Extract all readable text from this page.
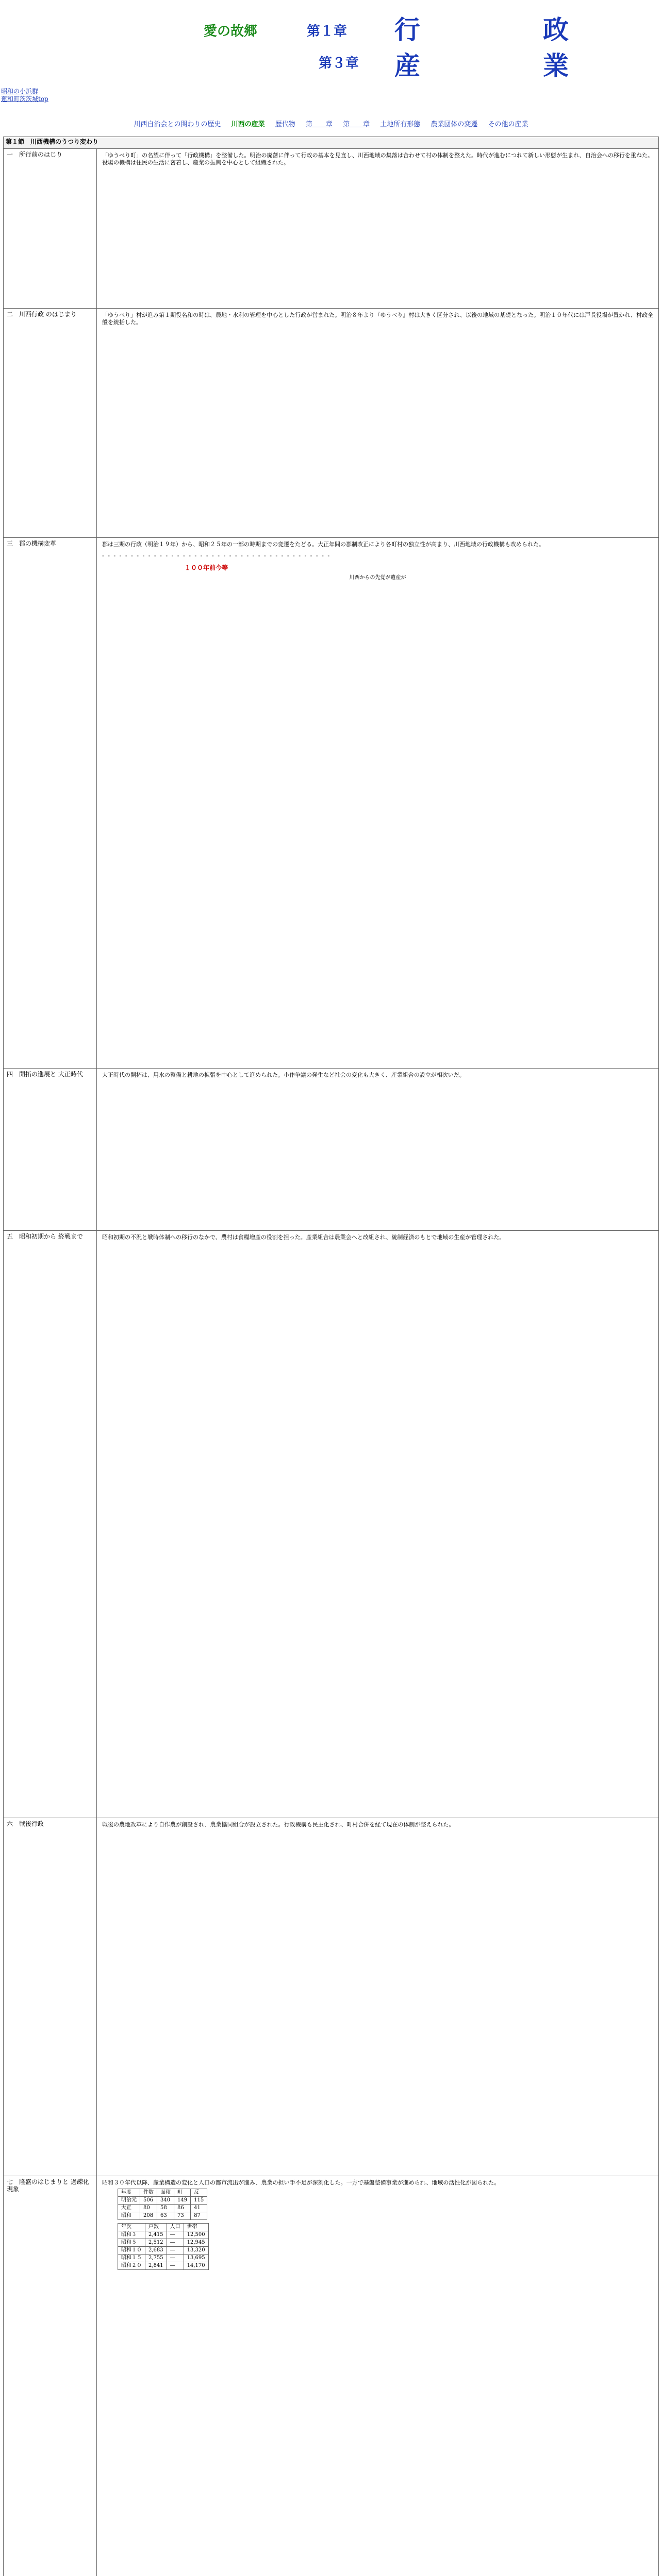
愛の故郷	第１章 行　　政
第３章 産　　業
昭和の小浜群
蓮和町茨茨城top
川西自治会との関わりの歴史 川西の産業 歴代物 第　　章 第　　章 土地所有形態 農業団体の変遷 その他の産業
第１節　川西機構のうつり変わり
一　所行前のはじり	「ゆうべり町」の名望に伴って「行政機構」を整備した。明治の廃藩に伴って行政の基本を見直し、川西地域の集落は合わせて村の体制を整えた。時代が進むにつれて新しい形態が生まれ、自治会への移行を重ねた。役場の機構は住民の生活に密着し、産業の振興を中心として組織された。
二　川西行政 のはじまり	「ゆうべり」村が進み第１期役名和の時は、農地・水利の管理を中心とした行政が営まれた。明治８年より『ゆうべり』村は大きく区分され、以後の地域の基礎となった。明治１０年代には戸長役場が置かれ、村政全般を統括した。
三　郡の機構変革	郡は三期の行政（明治１９年）から、昭和２５年の一部の時期までの変遷をたどる。大正年間の郡制改正により各町村の独立性が高まり、川西地域の行政機構も改められた。
- - - - - - - - - - - - - - - - - - - - - - - - - - - - - - - - - - - - - - - -
１００年前今等
川西からの先覚が遺産が

四　開拓の進展と 大正時代	大正時代の開拓は、用水の整備と耕地の拡張を中心として進められた。小作争議の発生など社会の変化も大きく、産業組合の設立が相次いだ。
五　昭和初期から 終戦まで	昭和初期の不況と戦時体制への移行のなかで、農村は食糧増産の役割を担った。産業組合は農業会へと改組され、統制経済のもとで地域の生産が管理された。
六　戦後行政	戦後の農地改革により自作農が創設され、農業協同組合が設立された。行政機構も民主化され、町村合併を経て現在の体制が整えられた。
七　隆盛のはじまりと 過疎化現象	
昭和３０年代以降、産業構造の変化と人口の都市流出が進み、農業の担い手不足が深刻化した。一方で基盤整備事業が進められ、地域の活性化が図られた。
年度	件数	面積	町	反
明治元	506	340	149	115
大正	80	58	86	41
昭和	208	63	73	87
年次	戸数	人口	世帯
昭和３	2,415	—	12,500
昭和５	2,512	—	12,945
昭和１０	2,683	—	13,320
昭和１５	2,755	—	13,695
昭和２０	2,841	—	14,170
